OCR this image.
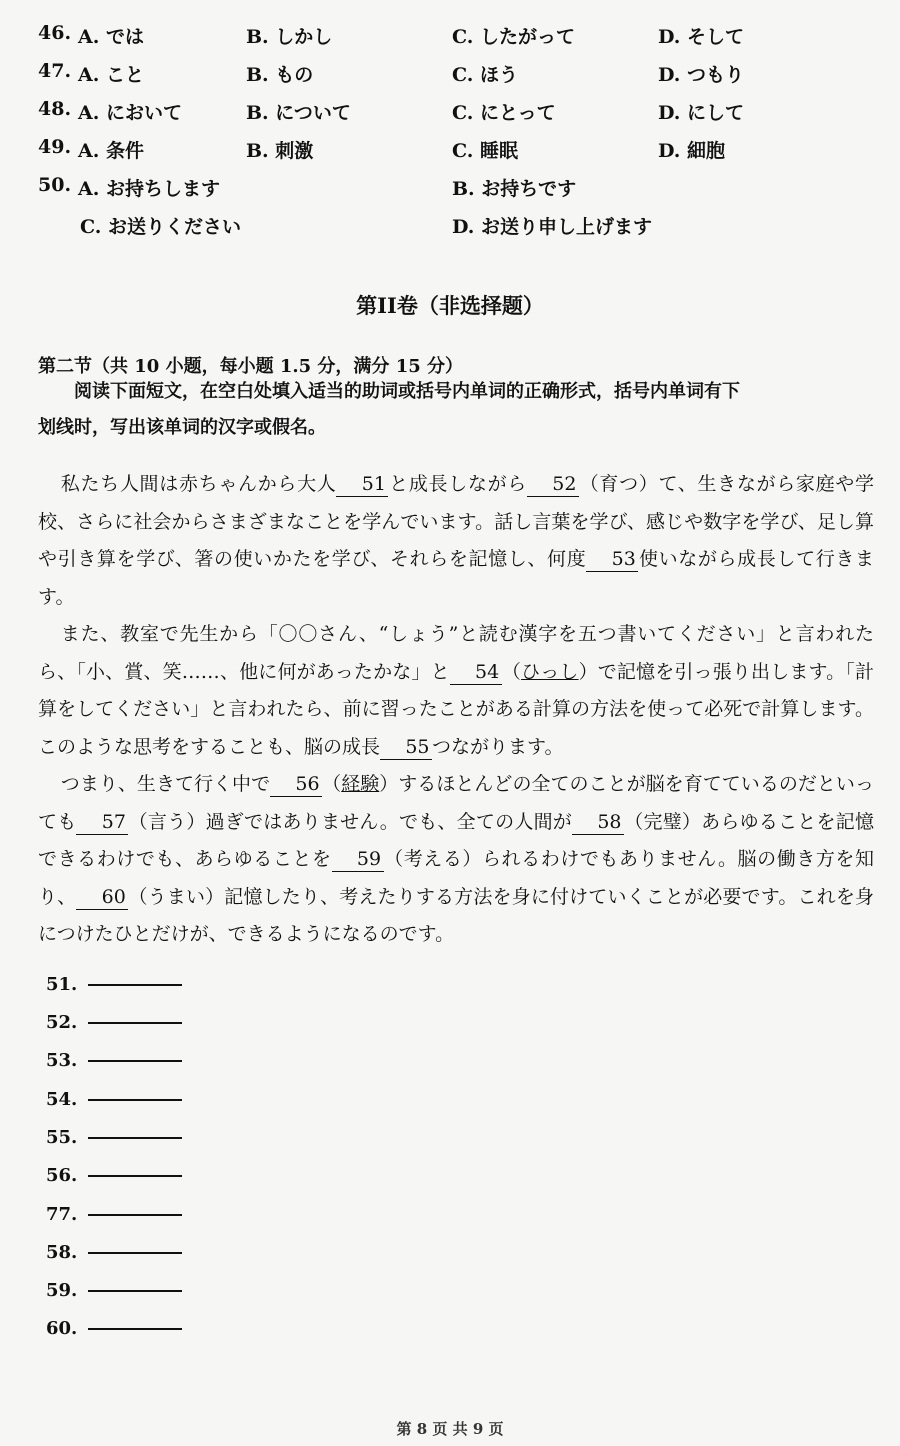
46. A. では	B. しかし	C. したがって	D. そして
47. A. こと	B. もの	C. ほう	D. つもり
48. A. において	B. について	C. にとって	D. にして
49. A. 条件	B. 刺激	C. 睡眠	D. 細胞
50. A. お持ちします	B. お持ちです
C. お送りください	D. お送り申し上げます
第II卷（非选择题）
第二节（共 10 小题，每小题 1.5 分，满分 15 分）
阅读下面短文，在空白处填入适当的助词或括号内单词的正确形式，括号内单词有下
划线时，写出该单词的汉字或假名。

私たち人間は赤ちゃんから大人 51 と成長しながら 52 （育つ）て、生きながら家庭や学校、さらに社会からさまざまなことを学んでいます。話し言葉を学び、感じや数字を学び、足し算や引き算を学び、箸の使いかたを学び、それらを記憶し、何度 53 使いながら成長して行きます。

また、教室で先生から「〇〇さん、“しょう”と読む漢字を五つ書いてください」と言われたら、「小、賞、笑……、他に何があったかな」と 54 （ひっし）で記憶を引っ張り出します。「計算をしてください」と言われたら、前に習ったことがある計算の方法を使って必死で計算します。このような思考をすることも、脳の成長 55 つながります。

つまり、生きて行く中で 56 （経験）するほとんどの全てのことが脳を育てているのだといっても 57 （言う）過ぎではありません。でも、全ての人間が 58 （完璧）あらゆることを記憶できるわけでも、あらゆることを 59 （考える）られるわけでもありません。脳の働き方を知り、 60 （うまい）記憶したり、考えたりする方法を身に付けていくことが必要です。これを身につけたひとだけが、できるようになるのです。

51.
52.
53.
54.
55.
56.
77.
58.
59.
60.
第 8 页 共 9 页
